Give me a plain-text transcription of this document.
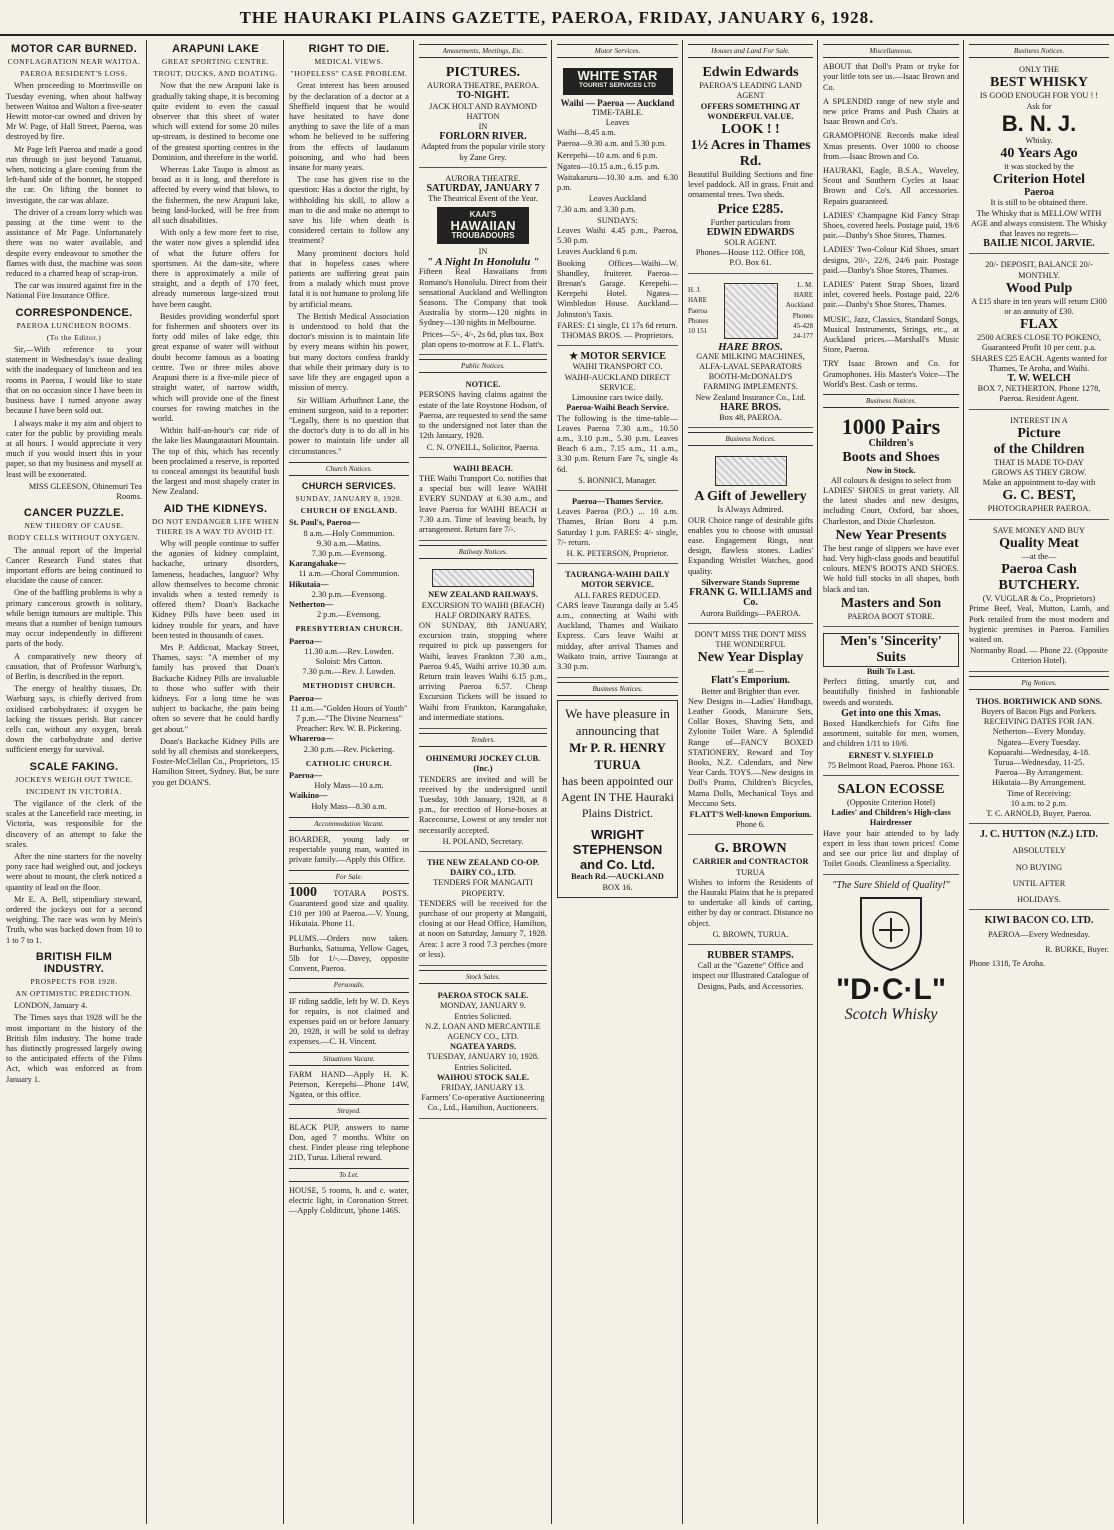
THE HAURAKI PLAINS GAZETTE, PAEROA, FRIDAY, JANUARY 6, 1928.
MOTOR CAR BURNED.
CONFLAGRATION NEAR WAITOA.
PAEROA RESIDENT'S LOSS.

When proceeding to Morrinsville on Tuesday evening, when about halfway between Waitoa and Walton a five-seater Hewitt motor-car owned and driven by Mr W. Page, of Hall Street, Paeroa, was destroyed by fire.

Mr Page left Paeroa and made a good run through to just beyond Tatuanui, when, noticing a glare coming from the left-hand side of the bonnet, he stopped the car. On lifting the bonnet to investigate, the car was ablaze.

The driver of a cream lorry which was passing at the time went to the assistance of Mr Page. Unfortunately there was no water available, and despite every endeavour to smother the flames with dust, the machine was soon reduced to a charred heap of scrap-iron.

The car was insured against fire in the National Fire Insurance Office.

CORRESPONDENCE.
PAEROA LUNCHEON ROOMS.
(To the Editor.)

Sir,—With reference to your statement in Wednesday's issue dealing with the inadequacy of luncheon and tea rooms in Paeroa, I would like to state that on no occasion since I have been in business have I turned anyone away because I have been sold out.

I always make it my aim and object to cater for the public by providing meals at all hours. I would appreciate it very much if you would insert this in your paper, so that my business and myself at least will be exonerated.

MISS GLEESON, Ohinemuri Tea Rooms.

CANCER PUZZLE.
NEW THEORY OF CAUSE.
BODY CELLS WITHOUT OXYGEN.

The annual report of the Imperial Cancer Research Fund states that important efforts are being continued to elucidate the cause of cancer.

One of the baffling problems is why a primary cancerous growth is solitary, while benign tumours are multiple. This means that a number of benign tumours may occur independently in different parts of the body.

A comparatively new theory of causation, that of Professor Warburg's, of Berlin, is described in the report.

The energy of healthy tissues, Dr. Warburg says, is chiefly derived from oxidised carbohydrates: if oxygen be lacking the tissues perish. But cancer cells can, without any oxygen, break down the carbohydrate and derive sufficient energy for survival.

SCALE FAKING.
JOCKEYS WEIGH OUT TWICE.
INCIDENT IN VICTORIA.

The vigilance of the clerk of the scales at the Lancefield race meeting, in Victoria, was responsible for the discovery of an attempt to fake the scales.

After the nine starters for the novelty pony race had weighed out, and jockeys were about to mount, the clerk noticed a quantity of lead on the floor.

Mr E. A. Bell, stipendiary steward, ordered the jockeys out for a second weighing. The race was won by Mein's Truth, who was backed down from 10 to 1 to 7 to 1.

BRITISH FILM INDUSTRY.
PROSPECTS FOR 1928.
AN OPTIMISTIC PREDICTION.

LONDON, January 4.

The Times says that 1928 will be the most important in the history of the British film industry. The home trade has distinctly progressed largely owing to the anticipated effects of the Films Act, which was enforced as from January 1.

ARAPUNI LAKE
GREAT SPORTING CENTRE.
TROUT, DUCKS, AND BOATING.

Now that the new Arapuni lake is gradually taking shape, it is becoming quite evident to even the casual observer that this sheet of water which will extend for some 20 miles up-stream, is destined to become one of the greatest sporting centres in the Dominion, and therefore in the world.

Whereas Lake Taupo is almost as broad as it is long, and therefore is affected by every wind that blows, to the fishermen, the new Arapuni lake, being land-locked, will be free from all such disabilities.

With only a few more feet to rise, the water now gives a splendid idea of what the future offers for sportsmen. At the dam-site, where there is approximately a mile of straight, and a depth of 170 feet, already numerous large-sized trout have been caught.

Besides providing wonderful sport for fishermen and shooters over its forty odd miles of lake edge, this great expanse of water will without doubt become famous as a boating centre. Two or three miles above Arapuni there is a five-mile piece of straight water, of narrow width, which will provide one of the finest courses for rowing matches in the world.

Within half-an-hour's car ride of the lake lies Maungatautari Mountain. The top of this, which has recently been proclaimed a reserve, is reported to conceal amongst its beautiful bush the largest and most shapely crater in New Zealand.

AID THE KIDNEYS.
DO NOT ENDANGER LIFE WHEN THERE IS A WAY TO AVOID IT.

Why will people continue to suffer the agonies of kidney complaint, backache, urinary disorders, lameness, headaches, languor? Why allow themselves to become chronic invalids when a tested remedy is offered them? Doan's Backache Kidney Pills have been used in kidney trouble for years, and have been tested in thousands of cases.

Mrs P. Addicoat, Mackay Street, Thames, says: "A member of my family has proved that Doan's Backache Kidney Pills are invaluable to those who suffer with their kidneys. For a long time he was subject to backache, the pain being often so severe that he could hardly get about."

Doan's Backache Kidney Pills are sold by all chemists and storekeepers, Foster-McClellan Co., Proprietors, 15 Hamilton Street, Sydney. But, be sure you get DOAN'S.

RIGHT TO DIE.
MEDICAL VIEWS.
"HOPELESS" CASE PROBLEM.

Great interest has been aroused by the declaration of a doctor at a Sheffield inquest that he would have hesitated to have done anything to save the life of a man whom he believed to be suffering from the effects of laudanum poisoning, and who had been insane for many years.

The case has given rise to the question: Has a doctor the right, by withholding his skill, to allow a man to die and make no attempt to save his life when death is considered certain to follow any treatment?

Many prominent doctors hold that in hopeless cases where patients are suffering great pain from a malady which must prove fatal it is not humane to prolong life by artificial means.

The British Medical Association is understood to hold that the doctor's mission is to maintain life by every means within his power, but many doctors confess frankly that while their primary duty is to save life they are engaged upon a mission of mercy.

Sir William Arbuthnot Lane, the eminent surgeon, said to a reporter: "Legally, there is no question that the doctor's duty is to do all in his power to maintain life under all circumstances."

Church Notices.
CHURCH SERVICES.
SUNDAY, JANUARY 8, 1928.
CHURCH OF ENGLAND.
St. Paul's, Paeroa—
8 a.m.—Holy Communion.
9.30 a.m.—Matins.
7.30 p.m.—Evensong.
Karangahake—
11 a.m.—Choral Communion.
Hikutaia—
2.30 p.m.—Evensong.
Netherton—
2 p.m.—Evensong.
PRESBYTERIAN CHURCH.
Paeroa—
11.30 a.m.—Rev. Lowden.
Soloist: Mrs Catton.
7.30 p.m.—Rev. J. Lowden.
METHODIST CHURCH.
Paeroa—
11 a.m.—"Golden Hours of Youth"
7 p.m.—"The Divine Nearness"
Preacher: Rev. W. B. Pickering.
Whareroa—
2.30 p.m.—Rev. Pickering.
CATHOLIC CHURCH.
Paeroa—
Holy Mass—10 a.m.
Waikino—
Holy Mass—8.30 a.m.
Accommodation Vacant.

BOARDER, young lady or respectable young man, wanted in private family.—Apply this Office.

For Sale.

1000 TOTARA POSTS. Guaranteed good size and quality. £10 per 100 at Paeroa.—V. Young, Hikutaia. Phone 11.

PLUMS.—Orders now taken. Burbanks, Satsuma, Yellow Gages, 5lb for 1/-.—Davey, opposite Convent, Paeroa.

Personals.

IF riding saddle, left by W. D. Keys for repairs, is not claimed and expenses paid on or before January 20, 1928, it will be sold to defray expenses.—C. H. Vincent.

Situations Vacant.

FARM HAND—Apply H. K. Peterson, Kerepehi—Phone 14W, Ngatea, or this office.

Strayed.

BLACK PUP, answers to name Don, aged 7 months. White on chest. Finder please ring telephone 21D, Turua. Liberal reward.

To Let.

HOUSE, 5 rooms, h. and c. water, electric light, in Coronation Street.—Apply Colditcutt, 'phone 146S.

Amusements, Meetings, Etc.

PICTURES.

AURORA THEATRE, PAEROA.

TO-NIGHT.

JACK HOLT AND RAYMOND HATTON

IN

FORLORN RIVER.

Adapted from the popular virile story by Zane Grey.

AURORA THEATRE.

SATURDAY, JANUARY 7

The Theatrical Event of the Year.

KAAI'S
HAWAIIAN
TROUBADOURS

IN

" A Night In Honolulu "

Fifteen Real Hawaiians from Romano's Honolulu. Direct from their sensational Auckland and Wellington Seasons. The Company that took Australia by storm—120 nights in Sydney—130 nights in Melbourne.

Prices—5/-, 4/-, 2s 6d, plus tax. Box plan opens to-morrow at F. L. Flatt's.

Public Notices.

NOTICE.

PERSONS having claims against the estate of the late Roystone Hodson, of Paeroa, are requested to send the same to the undersigned not later than the 12th January, 1928.

C. N. O'NEILL, Solicitor, Paeroa.

WAIHI BEACH.

THE Waihi Transport Co. notifies that a special bus will leave WAIHI EVERY SUNDAY at 6.30 a.m., and leave Paeroa for WAIHI BEACH at 7.30 a.m. Time of leaving beach, by arrangement. Return fare 7/-.

Railway Notices.

NEW ZEALAND RAILWAYS.

EXCURSION TO WAIHI (BEACH)

HALF ORDINARY RATES.

ON SUNDAY, 8th JANUARY, excursion train, stopping where required to pick up passengers for Waihi, leaves Frankton 7.30 a.m., Paeroa 9.45, Waihi arrive 10.30 a.m. Return train leaves Waihi 6.15 p.m., arriving Paeroa 6.57. Cheap Excursion Tickets will be issued to Waihi from Frankton, Karangahake, and intermediate stations.

Tenders.

OHINEMURI JOCKEY CLUB. (Inc.)

TENDERS are invited and will be received by the undersigned until Tuesday, 10th January, 1928, at 8 p.m., for erection of Horse-boxes at Racecourse, Lowest or any tender not necessarily accepted.

H. POLAND, Secretary.

THE NEW ZEALAND CO-OP. DAIRY CO., LTD.

TENDERS FOR MANGAITI PROPERTY.

TENDERS will be received for the purchase of our property at Mangaiti, closing at our Head Office, Hamilton, at noon on Saturday, January 7, 1928. Area: 1 acre 3 rood 7.3 perches (more or less).

Stock Sales.

PAEROA STOCK SALE.

MONDAY, JANUARY 9.

Entries Solicited.

N.Z. LOAN AND MERCANTILE AGENCY CO., LTD.

NGATEA YARDS.

TUESDAY, JANUARY 10, 1928.

Entries Solicited.

WAIHOU STOCK SALE.

FRIDAY, JANUARY 13.

Farmers' Co-operative Auctioneering Co., Ltd., Hamilton, Auctioneers.

Motor Services.
WHITE STAR
TOURIST SERVICES LTD

Waihi — Paeroa — Auckland

TIME-TABLE.

Leaves

Waihi—8.45 a.m.

Paeroa—9.30 a.m. and 5.30 p.m.

Kerepehi—10 a.m. and 6 p.m.

Ngatea—10.15 a.m., 6.15 p.m.

Waitakaruru—10.30 a.m. and 6.30 p.m.

Leaves Auckland

7.30 a.m. and 3.30 p.m.

SUNDAYS:

Leaves Waihi 4.45 p.m., Paeroa, 5.30 p.m.

Leaves Auckland 6 p.m.

Booking Offices—Waihi—W. Shandley, fruiterer. Paeroa—Brenan's Garage. Kerepehi—Kerepehi Hotel. Ngatea—Wimbledon House. Auckland—Johnston's Taxis.

FARES: £1 single, £1 17s 6d return.

THOMAS BROS. — Proprietors.

★ MOTOR SERVICE

WAIHI TRANSPORT CO.

WAIHI-AUCKLAND DIRECT SERVICE.

Limousine cars twice daily.

Paeroa-Waihi Beach Service.

The following is the time-table—Leaves Paeroa 7.30 a.m., 10.50 a.m., 3.10 p.m., 5.30 p.m. Leaves Beach 6 a.m., 7.15 a.m., 11 a.m., 3.30 p.m. Return Fare 7s, single 4s 6d.

S. BONNICI, Manager.

Paeroa—Thames Service.

Leaves Paeroa (P.O.) ... 10 a.m. Thames, Brian Boru 4 p.m. Saturday 1 p.m. FARES: 4/- single, 7/- return.

H. K. PETERSON, Proprietor.

TAURANGA-WAIHI DAILY MOTOR SERVICE.

ALL FARES REDUCED.

CARS leave Tauranga daily at 5.45 a.m., connecting at Waihi with Auckland, Thames and Waikato Express. Cars leave Waihi at midday, after arrival Thames and Waikato train, arrive Tauranga at 3.30 p.m.

Business Notices.

We have pleasure in announcing that

Mr P. R. HENRY TURUA

has been appointed our Agent IN THE Hauraki Plains District.

WRIGHT STEPHENSON and Co. Ltd.

Beach Rd.—AUCKLAND

BOX 16.

Houses and Land For Sale.

Edwin Edwards

PAEROA'S LEADING LAND AGENT

OFFERS SOMETHING AT WONDERFUL VALUE.

LOOK ! !

1½ Acres in Thames Rd.

Beautiful Building Sections and fine level paddock. All in grass. Fruit and ornamental trees. Two sheds.

Price £285.

Further particulars from

EDWIN EDWARDS

SOLR AGENT.

Phones—House 112. Office 108, P.O. Box 61.

H. J. HARE Paeroa Phones 10 151
L. M. HARE Auckland Phones 45-428 24-177

HARE BROS.

GANE MILKING MACHINES,

ALFA-LAVAL SEPARATORS

BOOTH-McDONALD'S

FARMING IMPLEMENTS.

New Zealand Insurance Co., Ltd.

HARE BROS.

Box 48, PAEROA.

Business Notices.

A Gift of Jewellery

Is Always Admired.

OUR Choice range of desirable gifts enables you to choose with unusual ease. Engagement Rings, neat design, flawless stones. Ladies' Expanding Wristlet Watches, good quality.

Silverware Stands Supreme

FRANK G. WILLIAMS and Co.

Aurora Buildings—PAEROA.

DON'T MISS THE DON'T MISS THE WONDERFUL

New Year Display

— at —

Flatt's Emporium.

Better and Brighter than ever.

New Designs in—Ladies' Handbags, Leather Goods, Manicure Sets, Collar Boxes, Shaving Sets, and Zylonite Toilet Ware. A Splendid Range of—FANCY BOXED STATIONERY, Reward and Toy Books, N.Z. Calendars, and New Year Cards. TOYS.—New designs in Doll's Prams, Children's Bicycles, Mama Dolls, Mechanical Toys and Meccano Sets.

FLATT'S Well-known Emporium.

Phone 6.

G. BROWN

CARRIER and CONTRACTOR

TURUA

Wishes to inform the Residents of the Hauraki Plains that he is prepared to undertake all kinds of carting, either by day or contract. Distance no object.

G. BROWN, TURUA.

RUBBER STAMPS.

Call at the "Gazette" Office and inspect our Illustrated Catalogue of Designs, Pads, and Accessories.

Miscellaneous.

ABOUT that Doll's Pram or tryke for your little tots see us.—Isaac Brown and Co.

A SPLENDID range of new style and new price Prams and Push Chairs at Isaac Brown and Co's.

GRAMOPHONE Records make ideal Xmas presents. Over 1000 to choose from.—Isaac Brown and Co.

HAURAKI, Eagle, B.S.A., Waveley, Scout and Southern Cycles at Isaac Brown and Co's. All accessories. Repairs guaranteed.

LADIES' Champagne Kid Fancy Strap Shoes, covered heels. Postage paid, 19/6 pair.—Danby's Shoe Stores, Thames.

LADIES' Two-Colour Kid Shoes, smart designs, 20/-, 22/6, 24/6 pair. Postage paid.—Danby's Shoe Stores, Thames.

LADIES' Patent Strap Shoes, lizard inlet, covered heels. Postage paid, 22/6 pair.—Danby's Shoe Stores, Thames.

MUSIC, Jazz, Classics, Standard Songs, Musical Instruments, Strings, etc., at Auckland prices.—Marshall's Music Store, Paeroa.

TRY Isaac Brown and Co. for Gramophones. His Master's Voice—The World's Best. Cash or terms.

Business Notices.

1000 Pairs

Children's

Boots and Shoes

Now in Stock.

All colours & designs to select from

LADIES' SHOES in great variety. All the latest shades and new designs, including Court, Oxford, bar shoes, Charleston, and Dixie Charleston.

New Year Presents

The best range of slippers we have ever had. Very high-class goods and beautiful colours. MEN'S BOOTS AND SHOES. We hold full stocks in all shapes, both black and tan.

Masters and Son

PAEROA BOOT STORE.

Men's 'Sincerity' Suits

Built To Last.

Perfect fitting, smartly cut, and beautifully finished in fashionable tweeds and worsteds.

Get into one this Xmas.

Boxed Handkerchiefs for Gifts fine assortment, suitable for men, women, and children 1/11 to 10/6.

ERNEST V. SLYFIELD

75 Belmont Road, Paeroa. Phone 163.

SALON ECOSSE

(Opposite Criterion Hotel)

Ladies' and Children's High-class Hairdresser

Have your hair attended to by lady expert in less than town prices! Come and see our price list and display of Toilet Goods. Cleanliness a Speciality.

"The Sure Shield of Quality!"

"D·C·L"

Scotch Whisky

Business Notices.

ONLY THE

BEST WHISKY

IS GOOD ENOUGH FOR YOU ! !

Ask for

B. N. J.

Whisky.

40 Years Ago

it was stocked by the

Criterion Hotel

Paeroa

It is still to be obtained there.

The Whisky that is MELLOW WITH AGE and always consistent. The Whisky that leaves no regrets—

BAILIE NICOL JARVIE.

20/- DEPOSIT, BALANCE 20/- MONTHLY.

Wood Pulp

A £15 share in ten years will return £300 or an annuity of £30.

FLAX

2500 ACRES CLOSE TO POKENO, Guaranteed Profit 10 per cent. p.a. SHARES £25 EACH. Agents wanted for Thames, Te Aroha, and Waihi.

T. W. WELCH

BOX 7, NETHERTON. Phone 1278, Paeroa. Resident Agent.

INTEREST IN A

Picture

of the Children

THAT IS MADE TO-DAY

GROWS AS THEY GROW.

Make an appointment to-day with

G. C. BEST,

PHOTOGRAPHER PAEROA.

SAVE MONEY AND BUY

Quality Meat

—at the—

Paeroa Cash

BUTCHERY.

(V. VUGLAR & Co., Proprietors)

Prime Beef, Veal, Mutton, Lamb, and Pork retailed from the most modern and hygienic premises in Paeroa. Families waited on.

Normanby Road. — Phone 22. (Opposite Criterion Hotel).

Pig Notices.

THOS. BORTHWICK AND SONS.

Buyers of Bacon Pigs and Porkers.

RECEIVING DATES FOR JAN.

Netherton—Every Monday.

Ngatea—Every Tuesday.

Kopuarahi—Wednesday, 4-18.

Turua—Wednesday, 11-25.

Paeroa—By Arrangement.

Hikutaia—By Arrangement.

Time of Receiving:

10 a.m. to 2 p.m.

T. C. ARNOLD, Buyer, Paeroa.

J. C. HUTTON (N.Z.) LTD.

ABSOLUTELY

NO BUYING

UNTIL AFTER

HOLIDAYS.

KIWI BACON CO. LTD.

PAEROA—Every Wednesday.

R. BURKE, Buyer.

Phone 1318, Te Aroha.
